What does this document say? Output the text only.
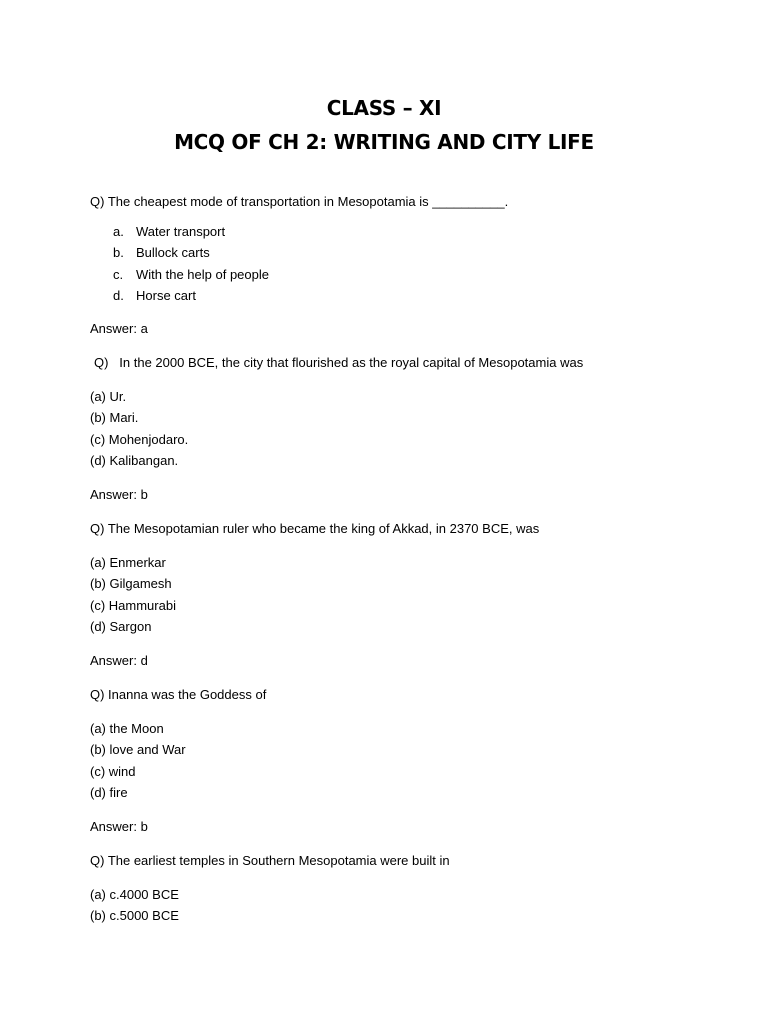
CLASS – XI
MCQ OF CH 2: WRITING AND CITY LIFE
Q) The cheapest mode of transportation in Mesopotamia is __________.
a. Water transport
b. Bullock carts
c. With the help of people
d. Horse cart
Answer: a
Q)   In the 2000 BCE, the city that flourished as the royal capital of Mesopotamia was
(a) Ur.
(b) Mari.
(c) Mohenjodaro.
(d) Kalibangan.
Answer: b
Q) The Mesopotamian ruler who became the king of Akkad, in 2370 BCE, was
(a) Enmerkar
(b) Gilgamesh
(c) Hammurabi
(d) Sargon
Answer: d
Q) Inanna was the Goddess of
(a) the Moon
(b) love and War
(c) wind
(d) fire
Answer: b
Q) The earliest temples in Southern Mesopotamia were built in
(a) c.4000 BCE
(b) c.5000 BCE
